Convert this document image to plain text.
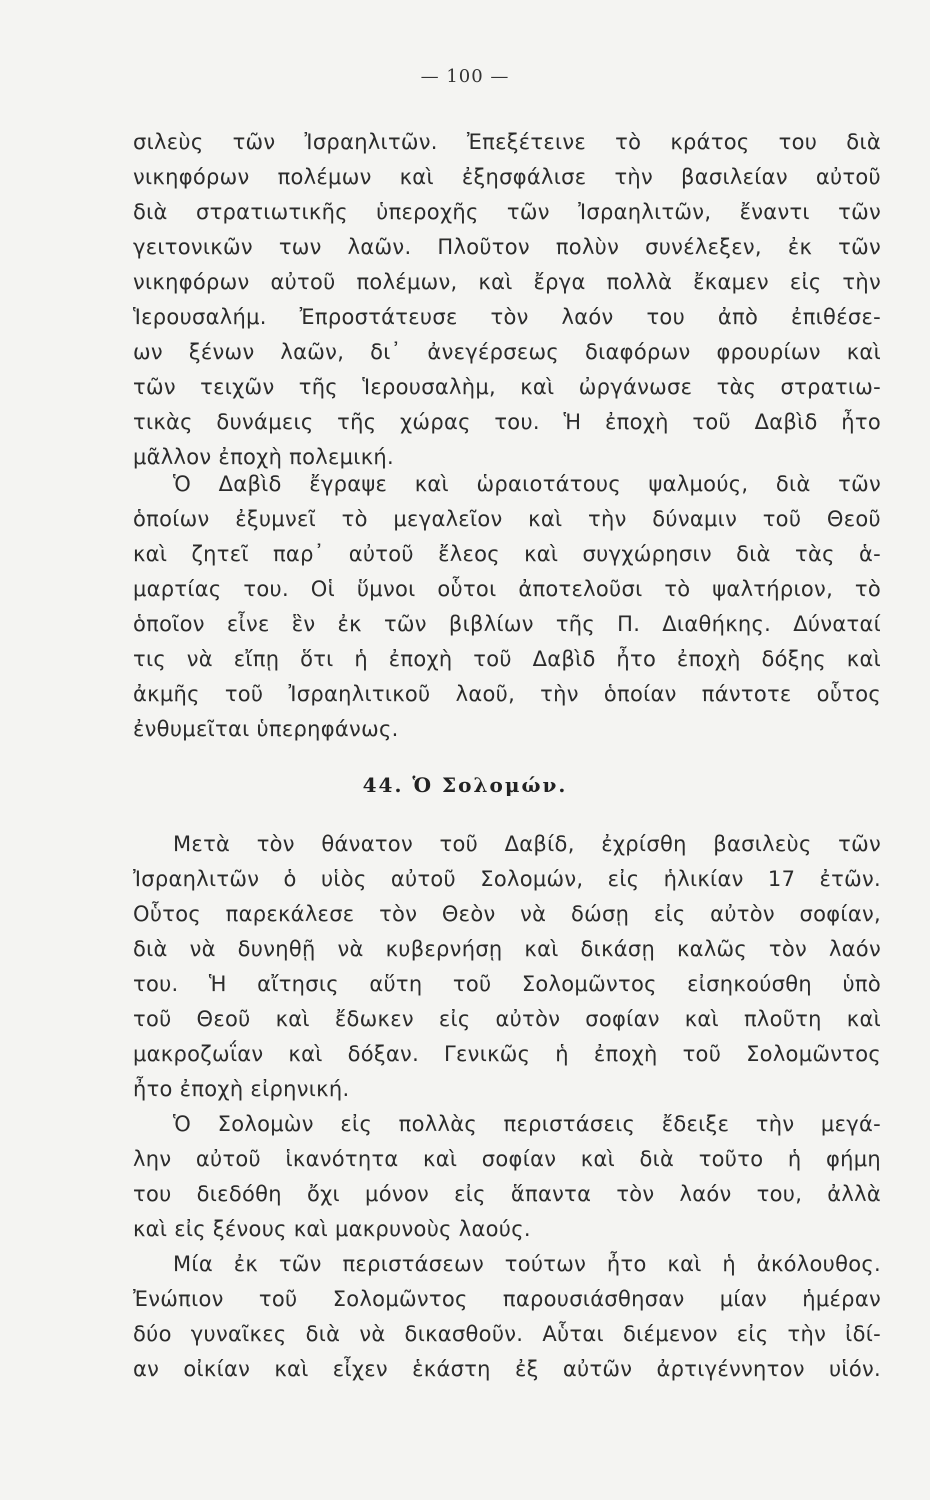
— 100 —
σιλεὺς τῶν Ἰσραηλιτῶν. Ἐπεξέτεινε τὸ κράτος του διὰ
νικηφόρων πολέμων καὶ ἐξησφάλισε τὴν βασιλείαν αὐτοῦ
διὰ στρατιωτικῆς ὑπεροχῆς τῶν Ἰσραηλιτῶν, ἔναντι τῶν
γειτονικῶν των λαῶν. Πλοῦτον πολὺν συνέλεξεν, ἐκ τῶν
νικηφόρων αὐτοῦ πολέμων, καὶ ἔργα πολλὰ ἔκαμεν εἰς τὴν
Ἱερουσαλήμ. Ἐπροστάτευσε τὸν λαόν του ἀπὸ ἐπιθέσε-
ων ξένων λαῶν, δι᾽ ἀνεγέρσεως διαφόρων φρουρίων καὶ
τῶν τειχῶν τῆς Ἱερουσαλὴμ, καὶ ὠργάνωσε τὰς στρατιω-
τικὰς δυνάμεις τῆς χώρας του. Ἡ ἐποχὴ τοῦ Δαβὶδ ἦτο
μᾶλλον ἐποχὴ πολεμική.
Ὁ Δαβὶδ ἔγραψε καὶ ὡραιοτάτους ψαλμούς, διὰ τῶν
ὁποίων ἐξυμνεῖ τὸ μεγαλεῖον καὶ τὴν δύναμιν τοῦ Θεοῦ
καὶ ζητεῖ παρ᾽ αὐτοῦ ἔλεος καὶ συγχώρησιν διὰ τὰς ἁ-
μαρτίας του. Οἱ ὕμνοι οὗτοι ἀποτελοῦσι τὸ ψαλτήριον, τὸ
ὁποῖον εἶνε ἓν ἐκ τῶν βιβλίων τῆς Π. Διαθήκης. Δύναταί
τις νὰ εἴπῃ ὅτι ἡ ἐποχὴ τοῦ Δαβὶδ ἦτο ἐποχὴ δόξης καὶ
ἀκμῆς τοῦ Ἰσραηλιτικοῦ λαοῦ, τὴν ὁποίαν πάντοτε οὗτος
ἐνθυμεῖται ὑπερηφάνως.
44. Ὁ Σολομών.
Μετὰ τὸν θάνατον τοῦ Δαβίδ, ἐχρίσθη βασιλεὺς τῶν
Ἰσραηλιτῶν ὁ υἱὸς αὐτοῦ Σολομών, εἰς ἡλικίαν 17 ἐτῶν.
Οὗτος παρεκάλεσε τὸν Θεὸν νὰ δώσῃ εἰς αὐτὸν σοφίαν,
διὰ νὰ δυνηθῇ νὰ κυβερνήσῃ καὶ δικάσῃ καλῶς τὸν λαόν
του. Ἡ αἴτησις αὕτη τοῦ Σολομῶντος εἰσηκούσθη ὑπὸ
τοῦ Θεοῦ καὶ ἔδωκεν εἰς αὐτὸν σοφίαν καὶ πλοῦτη καὶ
μακροζωΐαν καὶ δόξαν. Γενικῶς ἡ ἐποχὴ τοῦ Σολομῶντος
ἦτο ἐποχὴ εἰρηνική.
Ὁ Σολομὼν εἰς πολλὰς περιστάσεις ἔδειξε τὴν μεγά-
λην αὐτοῦ ἱκανότητα καὶ σοφίαν καὶ διὰ τοῦτο ἡ φήμη
του διεδόθη ὄχι μόνον εἰς ἅπαντα τὸν λαόν του, ἀλλὰ
καὶ εἰς ξένους καὶ μακρυνοὺς λαούς.
Μία ἐκ τῶν περιστάσεων τούτων ἦτο καὶ ἡ ἀκόλουθος.
Ἐνώπιον τοῦ Σολομῶντος παρουσιάσθησαν μίαν ἡμέραν
δύο γυναῖκες διὰ νὰ δικασθοῦν. Αὗται διέμενον εἰς τὴν ἰδί-
αν οἰκίαν καὶ εἶχεν ἑκάστη ἐξ αὐτῶν ἀρτιγέννητον υἱόν.
